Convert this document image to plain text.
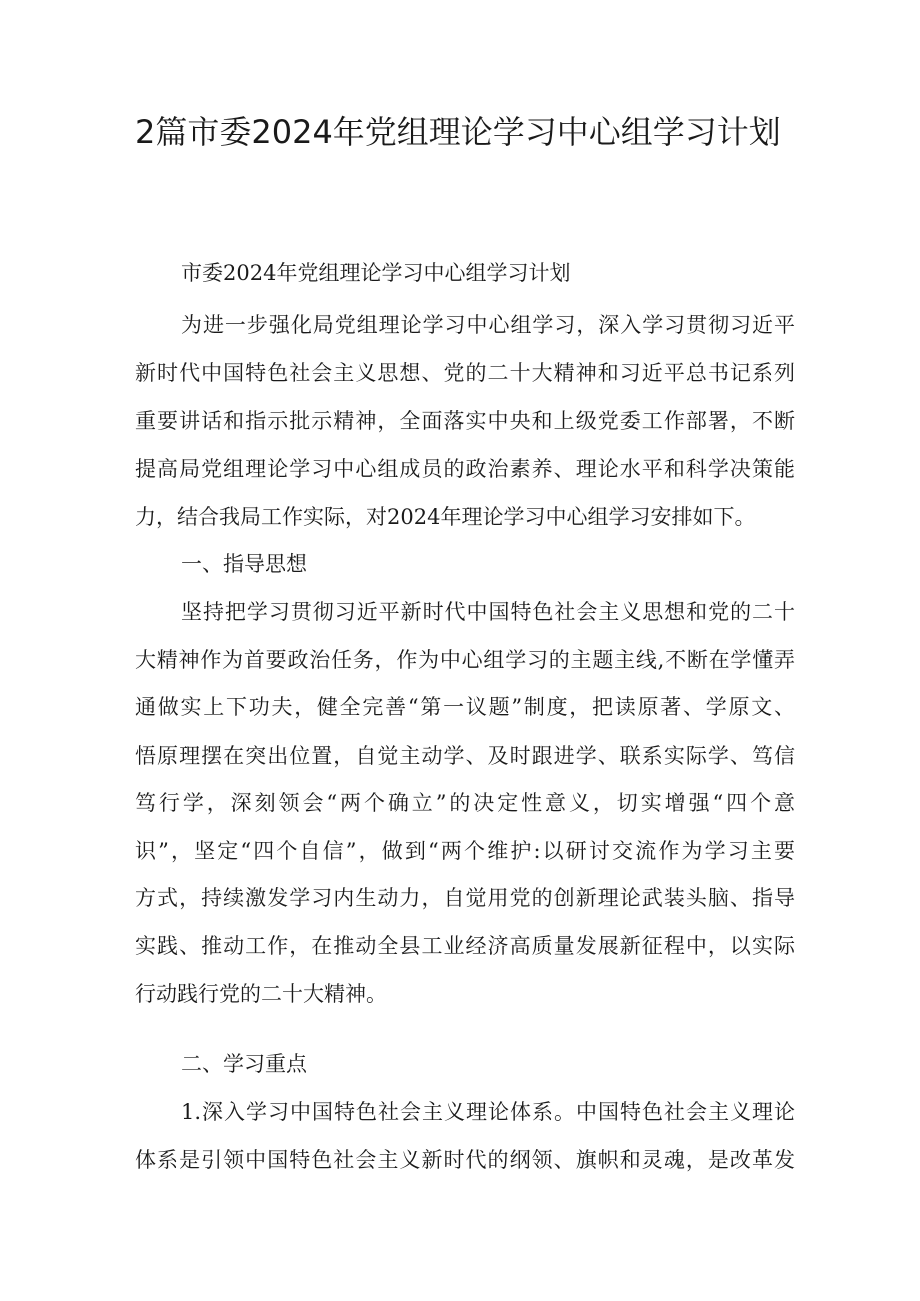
2篇市委2024年党组理论学习中心组学习计划
市委2024年党组理论学习中心组学习计划
为进一步强化局党组理论学习中心组学习，深入学习贯彻习近平
新时代中国特色社会主义思想、党的二十大精神和习近平总书记系列
重要讲话和指示批示精神，全面落实中央和上级党委工作部署，不断
提高局党组理论学习中心组成员的政治素养、理论水平和科学决策能
力，结合我局工作实际，对2024年理论学习中心组学习安排如下。
一、指导思想
坚持把学习贯彻习近平新时代中国特色社会主义思想和党的二十
大精神作为首要政治任务，作为中心组学习的主题主线,不断在学懂弄
通做实上下功夫，健全完善“第一议题”制度，把读原著、学原文、
悟原理摆在突出位置，自觉主动学、及时跟进学、联系实际学、笃信
笃行学，深刻领会“两个确立”的决定性意义，切实增强“四个意
识”，坚定“四个自信”，做到“两个维护:以研讨交流作为学习主要
方式，持续激发学习内生动力，自觉用党的创新理论武装头脑、指导
实践、推动工作，在推动全县工业经济高质量发展新征程中，以实际
行动践行党的二十大精神。
二、学习重点
1.深入学习中国特色社会主义理论体系。中国特色社会主义理论
体系是引领中国特色社会主义新时代的纲领、旗帜和灵魂，是改革发
